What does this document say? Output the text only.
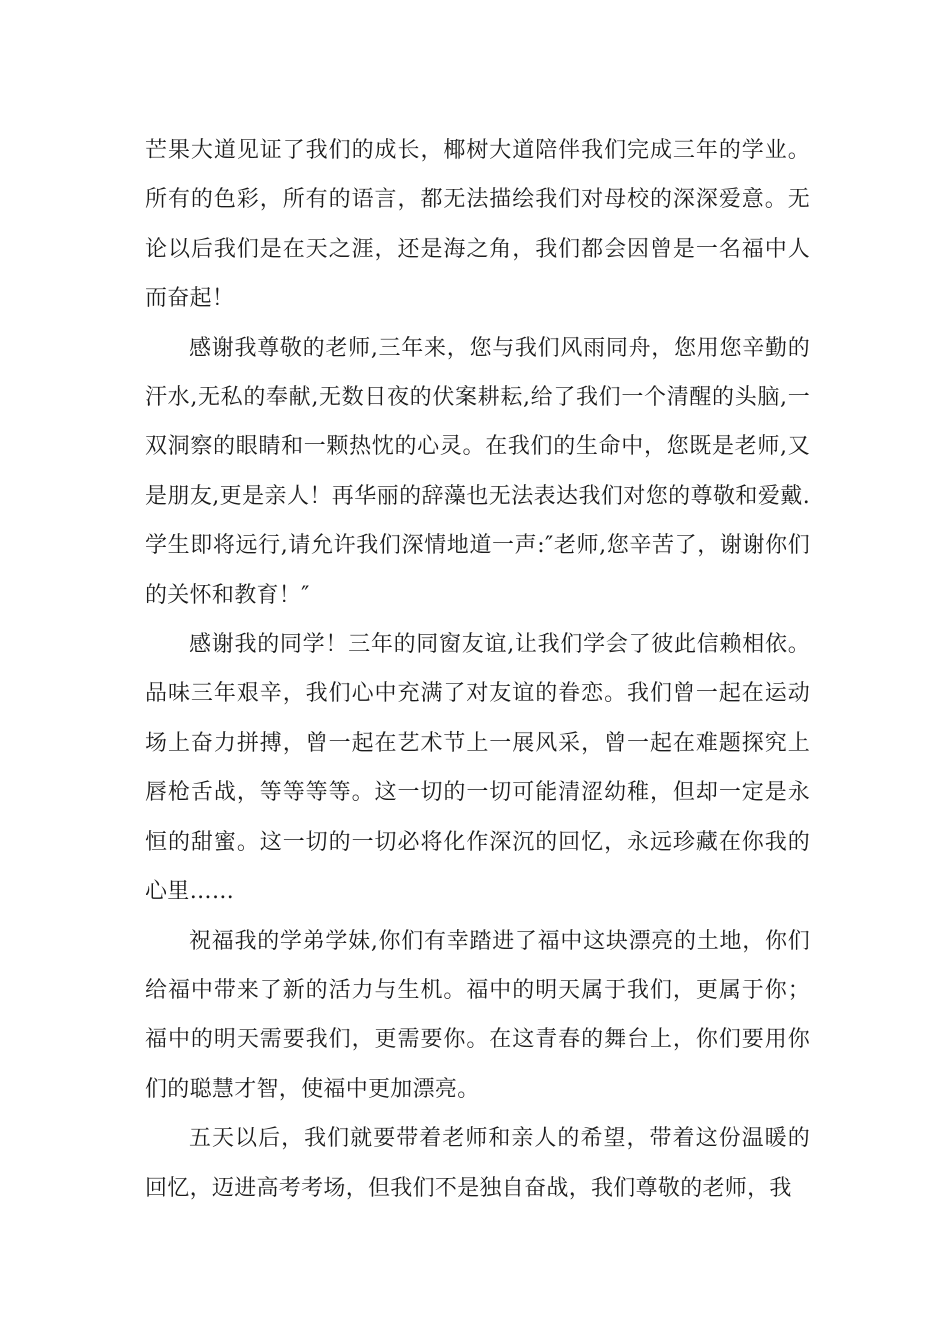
芒果大道见证了我们的成长，椰树大道陪伴我们完成三年的学业。所有的色彩，所有的语言，都无法描绘我们对母校的深深爱意。无论以后我们是在天之涯，还是海之角，我们都会因曾是一名福中人而奋起！

感谢我尊敬的老师,三年来，您与我们风雨同舟，您用您辛勤的汗水,无私的奉献,无数日夜的伏案耕耘,给了我们一个清醒的头脑,一双洞察的眼睛和一颗热忱的心灵。在我们的生命中，您既是老师,又是朋友,更是亲人！再华丽的辞藻也无法表达我们对您的尊敬和爱戴.学生即将远行,请允许我们深情地道一声:″老师,您辛苦了，谢谢你们的关怀和教育！″

感谢我的同学！三年的同窗友谊,让我们学会了彼此信赖相依。品味三年艰辛，我们心中充满了对友谊的眷恋。我们曾一起在运动场上奋力拼搏，曾一起在艺术节上一展风采，曾一起在难题探究上唇枪舌战，等等等等。这一切的一切可能清涩幼稚，但却一定是永恒的甜蜜。这一切的一切必将化作深沉的回忆，永远珍藏在你我的心里……

祝福我的学弟学妹,你们有幸踏进了福中这块漂亮的土地，你们给福中带来了新的活力与生机。福中的明天属于我们，更属于你；福中的明天需要我们，更需要你。在这青春的舞台上，你们要用你们的聪慧才智，使福中更加漂亮。

五天以后，我们就要带着老师和亲人的希望，带着这份温暖的回忆，迈进高考考场，但我们不是独自奋战，我们尊敬的老师，我
